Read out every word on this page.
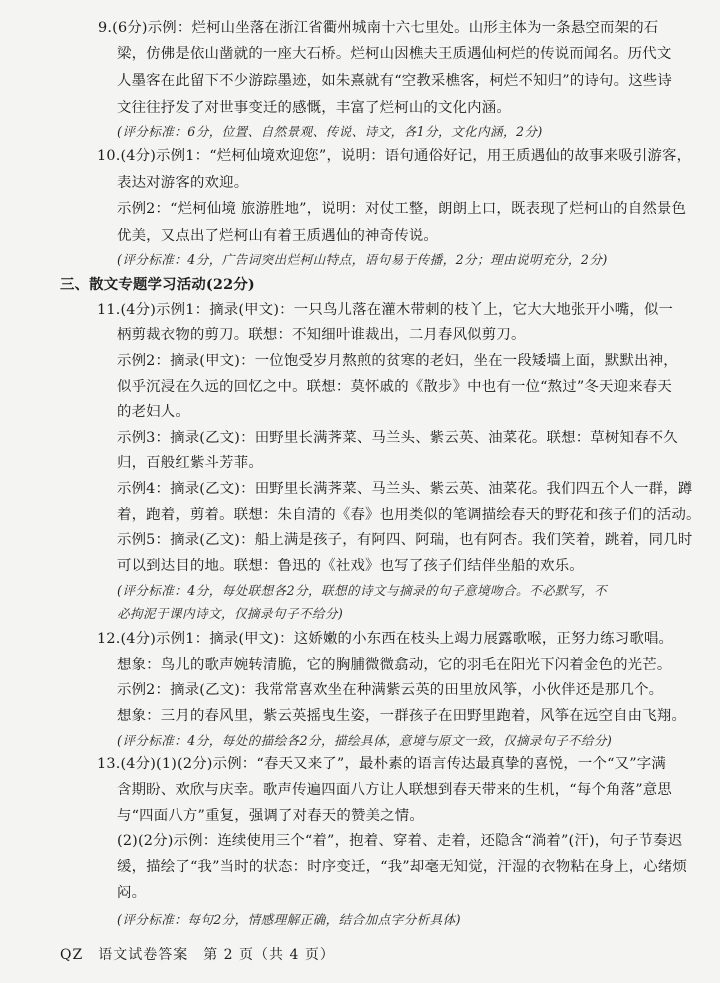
9.(6分)示例：烂柯山坐落在浙江省衢州城南十六七里处。山形主体为一条悬空而架的石
梁，仿佛是依山凿就的一座大石桥。烂柯山因樵夫王质遇仙柯烂的传说而闻名。历代文
人墨客在此留下不少游踪墨迹，如朱熹就有“空教采樵客，柯烂不知归”的诗句。这些诗
文往往抒发了对世事变迁的感慨，丰富了烂柯山的文化内涵。
(评分标准：6分，位置、自然景观、传说、诗文，各1分，文化内涵，2分)
10.(4分)示例1：“烂柯仙境欢迎您”，说明：语句通俗好记，用王质遇仙的故事来吸引游客，
表达对游客的欢迎。
示例2：“烂柯仙境 旅游胜地”，说明：对仗工整，朗朗上口，既表现了烂柯山的自然景色
优美，又点出了烂柯山有着王质遇仙的神奇传说。
(评分标准：4分，广告词突出烂柯山特点，语句易于传播，2分；理由说明充分，2分)
三、散文专题学习活动(22分)
11.(4分)示例1：摘录(甲文)：一只鸟儿落在灌木带刺的枝丫上，它大大地张开小嘴，似一
柄剪裁衣物的剪刀。联想：不知细叶谁裁出，二月春风似剪刀。
示例2：摘录(甲文)：一位饱受岁月熬煎的贫寒的老妇，坐在一段矮墙上面，默默出神，
似乎沉浸在久远的回忆之中。联想：莫怀戚的《散步》中也有一位“熬过”冬天迎来春天
的老妇人。
示例3：摘录(乙文)：田野里长满荠菜、马兰头、紫云英、油菜花。联想：草树知春不久
归，百般红紫斗芳菲。
示例4：摘录(乙文)：田野里长满荠菜、马兰头、紫云英、油菜花。我们四五个人一群，蹲
着，跑着，剪着。联想：朱自清的《春》也用类似的笔调描绘春天的野花和孩子们的活动。
示例5：摘录(乙文)：船上满是孩子，有阿四、阿瑞，也有阿杏。我们笑着，跳着，同几时
可以到达目的地。联想：鲁迅的《社戏》也写了孩子们结伴坐船的欢乐。
(评分标准：4分，每处联想各2分，联想的诗文与摘录的句子意境吻合。不必默写，不
必拘泥于课内诗文，仅摘录句子不给分)
12.(4分)示例1：摘录(甲文)：这娇嫩的小东西在枝头上竭力展露歌喉，正努力练习歌唱。
想象：鸟儿的歌声婉转清脆，它的胸脯微微翕动，它的羽毛在阳光下闪着金色的光芒。
示例2：摘录(乙文)：我常常喜欢坐在种满紫云英的田里放风筝，小伙伴还是那几个。
想象：三月的春风里，紫云英摇曳生姿，一群孩子在田野里跑着，风筝在远空自由飞翔。
(评分标准：4分，每处的描绘各2分，描绘具体，意境与原文一致，仅摘录句子不给分)
13.(4分)(1)(2分)示例：“春天又来了”，最朴素的语言传达最真挚的喜悦，一个“又”字满
含期盼、欢欣与庆幸。歌声传遍四面八方让人联想到春天带来的生机，“每个角落”意思
与“四面八方”重复，强调了对春天的赞美之情。
(2)(2分)示例：连续使用三个“着”，抱着、穿着、走着，还隐含“淌着”(汗)，句子节奏迟
缓，描绘了“我”当时的状态：时序变迁，“我”却毫无知觉，汗湿的衣物粘在身上，心绪烦
闷。
(评分标准：每句2分，情感理解正确，结合加点字分析具体)
QZ　语文试卷答案　第 2 页（共 4 页）
